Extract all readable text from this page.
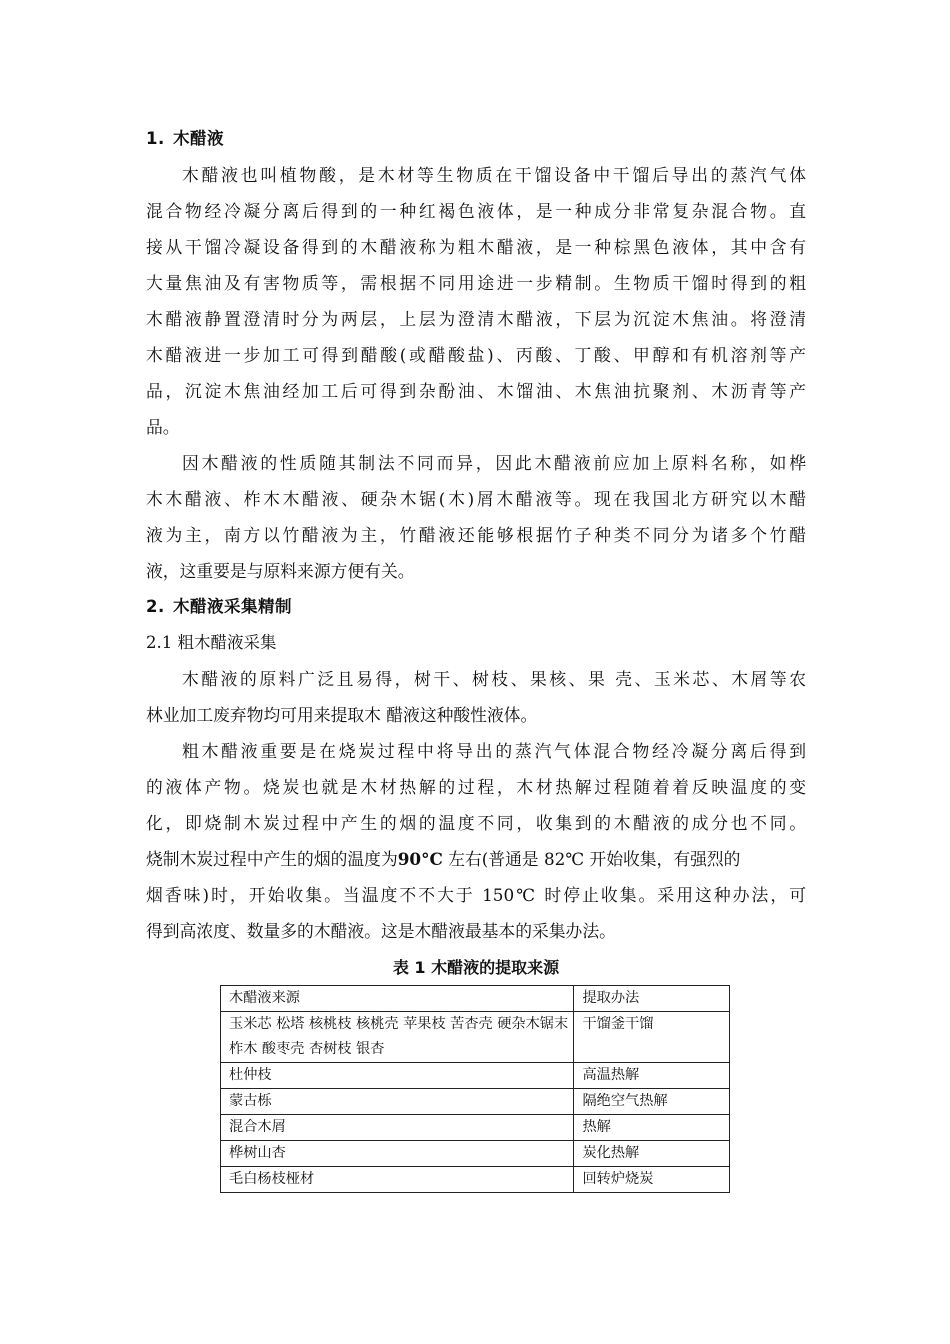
1. 木醋液
木醋液也叫植物酸，是木材等生物质在干馏设备中干馏后导出的蒸汽气体
混合物经冷凝分离后得到的一种红褐色液体，是一种成分非常复杂混合物。直
接从干馏冷凝设备得到的木醋液称为粗木醋液，是一种棕黑色液体，其中含有
大量焦油及有害物质等，需根据不同用途进一步精制。生物质干馏时得到的粗
木醋液静置澄清时分为两层，上层为澄清木醋液，下层为沉淀木焦油。将澄清
木醋液进一步加工可得到醋酸(或醋酸盐)、丙酸、丁酸、甲醇和有机溶剂等产
品，沉淀木焦油经加工后可得到杂酚油、木馏油、木焦油抗聚剂、木沥青等产
品。
因木醋液的性质随其制法不同而异，因此木醋液前应加上原料名称，如桦
木木醋液、柞木木醋液、硬杂木锯(木)屑木醋液等。现在我国北方研究以木醋
液为主，南方以竹醋液为主，竹醋液还能够根据竹子种类不同分为诸多个竹醋
液，这重要是与原料来源方便有关。
2. 木醋液采集精制
2.1 粗木醋液采集
木醋液的原料广泛且易得，树干、树枝、果核、果 壳、玉米芯、木屑等农
林业加工废弃物均可用来提取木 醋液这种酸性液体。
粗木醋液重要是在烧炭过程中将导出的蒸汽气体混合物经冷凝分离后得到
的液体产物。烧炭也就是木材热解的过程，木材热解过程随着着反映温度的变
化，即烧制木炭过程中产生的烟的温度不同，收集到的木醋液的成分也不同。
烧制木炭过程中产生的烟的温度为90°C 左右(普通是 82℃ 开始收集，有强烈的
烟香味)时，开始收集。当温度不不大于 150℃ 时停止收集。采用这种办法，可
得到高浓度、数量多的木醋液。这是木醋液最基本的采集办法。
表 1 木醋液的提取来源
木醋液来源	提取办法
玉米芯 松塔 核桃枝 核桃壳 苹果枝 苦杏壳 硬杂木锯末 柞木 酸枣壳 杏树枝 银杏	干馏釜干馏
杜仲枝	高温热解
蒙古栎	隔绝空气热解
混合木屑	热解
桦树山杏	炭化热解
毛白杨枝桠材	回转炉烧炭
